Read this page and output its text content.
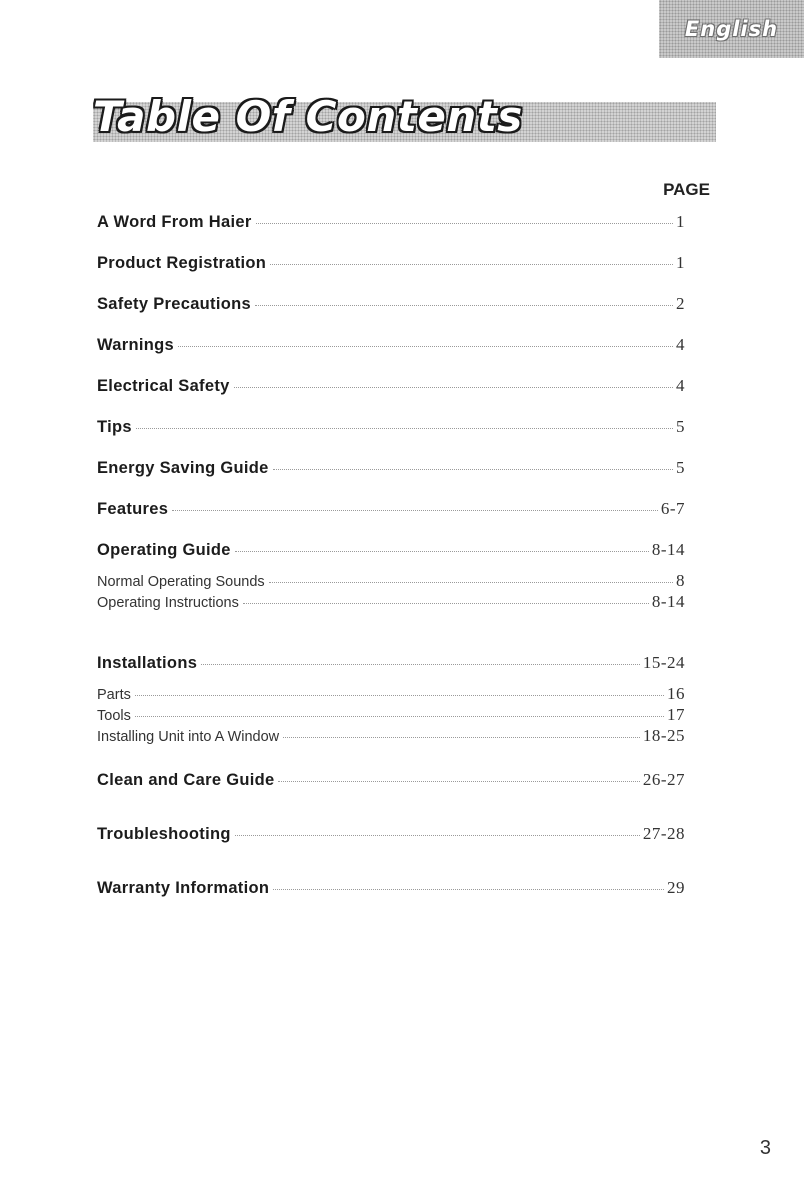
English
Table Of Contents
PAGE
A Word From Haier	1
Product Registration	1
Safety Precautions	2
Warnings	4
Electrical Safety	4
Tips	5
Energy Saving Guide	5
Features	6-7
Operating Guide	8-14
Normal Operating Sounds	8
Operating Instructions	8-14
Installations	15-24
Parts	16
Tools	17
Installing Unit into A Window	18-25
Clean and Care Guide	26-27
Troubleshooting	27-28
Warranty Information	29
3
